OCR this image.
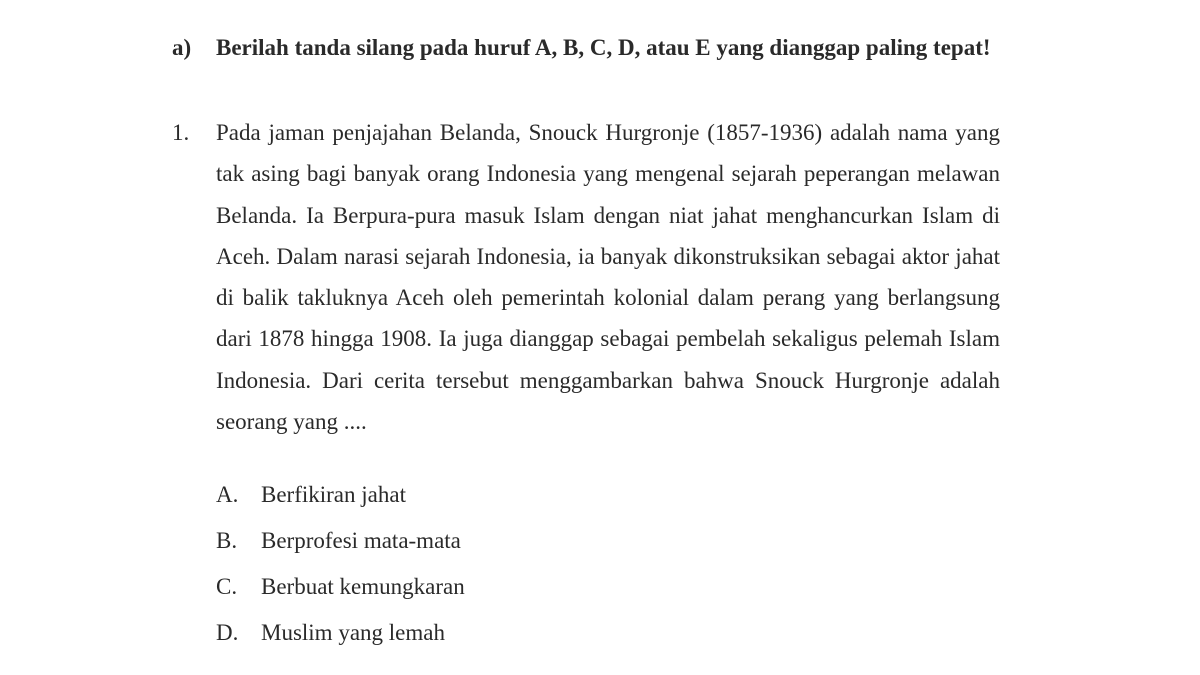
a)	Berilah tanda silang pada huruf A, B, C, D, atau E yang dianggap paling tepat!
1.	Pada jaman penjajahan Belanda, Snouck Hurgronje (1857-1936) adalah nama yang tak asing bagi banyak orang Indonesia yang mengenal sejarah peperangan melawan Belanda. Ia Berpura-pura masuk Islam dengan niat jahat menghancurkan Islam di Aceh. Dalam narasi sejarah Indonesia, ia banyak dikonstruksikan sebagai aktor jahat di balik takluknya Aceh oleh pemerintah kolonial dalam perang yang berlangsung dari 1878 hingga 1908. Ia juga dianggap sebagai pembelah sekaligus pelemah Islam Indonesia. Dari cerita tersebut menggambarkan bahwa Snouck Hurgronje adalah seorang yang ....

A. Berfikiran jahat
B.	Berprofesi mata-mata
C.	Berbuat kemungkaran
D. Muslim yang lemah
